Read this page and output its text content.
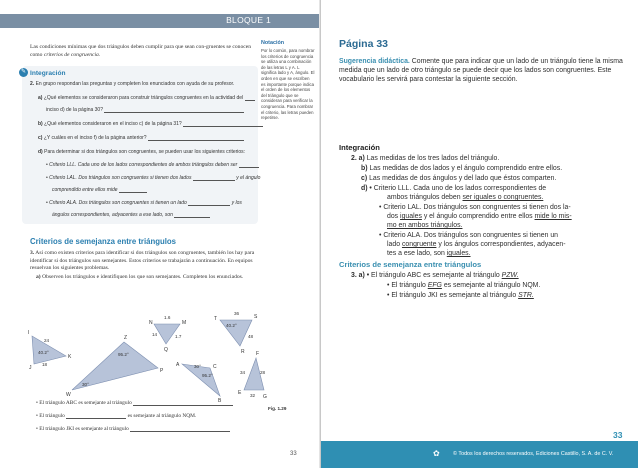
BLOQUE 1
Las condiciones mínimas que dos triángulos deben cumplir para que sean con-gruentes se conocen como criterios de congruencia.
Notación
Por lo común, para nombrar los criterios de congruencia se utiliza una combinación de las letras L y A. L significa lado y A, ángulo. El orden en que se escriben es importante porque indica el orden de los elementos del triángulo que se consideran para verificar la congruencia. Para nombrar el criterio, las letras pueden repetirse.
✎ Integración
2. En grupo respondan las preguntas y completen los enunciados con ayuda de su profesor.
a) ¿Qué elementos se consideraron para construir triángulos congruentes en la actividad del
inciso d) de la página 30?
b) ¿Qué elementos consideraron en el inciso c) de la página 31?
c) ¿Y cuáles en el inciso f) de la página anterior?
d) Para determinar si dos triángulos son congruentes, se pueden usar los siguientes criterios:
• Criterio LLL. Cada uno de los lados correspondientes de ambos triángulos deben ser
• Criterio LAL. Dos triángulos son congruentes si tienen dos lados	y el ángulo
comprendido entre ellos mide
• Criterio ALA. Dos triángulos son congruentes si tienen un lado	y los
ángulos correspondientes, adyacentes a ese lado, son
Criterios de semejanza entre triángulos
3. Así como existen criterios para identificar si dos triángulos son congruentes, también los hay para identificar si dos triángulos son semejantes. Estos criterios se trabajarán a continuación. En equipos resuelvan los siguientes problemas.
a) Observen los triángulos e identifiquen los que son semejantes. Completen los enunciados.
I
J
K
24
18
40.2°
W
Z
P
95.2°
30°
N	M
Q
1.6
14	1.7
T	S
R
36
48
40.2°
A	C
B
30°
95.2°
F
E
G
34	28
32
Fig. 1.29
• El triángulo ABC es semejante al triángulo
• El triángulo	es semejante al triángulo NQM.
• El triángulo JKI es semejante al triángulo
33
Página 33
Sugerencia didáctica. Comente que para indicar que un lado de un triángulo tiene la misma medida que un lado de otro triángulo se puede decir que los lados son congruentes. Este vocabulario les servirá para contestar la siguiente sección.
Integración
2. a) Las medidas de los tres lados del triángulo.
b) Las medidas de dos lados y el ángulo comprendido entre ellos.
c) Las medidas de dos ángulos y del lado que éstos comparten.
d) • Criterio LLL. Cada uno de los lados correspondientes de
ambos triángulos deben ser iguales o congruentes.
• Criterio LAL. Dos triángulos son congruentes si tienen dos la-
dos iguales y el ángulo comprendido entre ellos mide lo mis-
mo en ambos triángulos.
• Criterio ALA. Dos triángulos son congruentes si tienen un
lado congruente y los ángulos correspondientes, adyacen-
tes a ese lado, son iguales.
Criterios de semejanza entre triángulos
3. a) • El triángulo ABC es semejante al triángulo PZW.
• El triángulo EFG es semejante al triángulo NQM.
• El triángulo JKI es semejante al triángulo STR.
33
✿ © Todos los derechos reservados, Ediciones Castillo, S. A. de C. V.
